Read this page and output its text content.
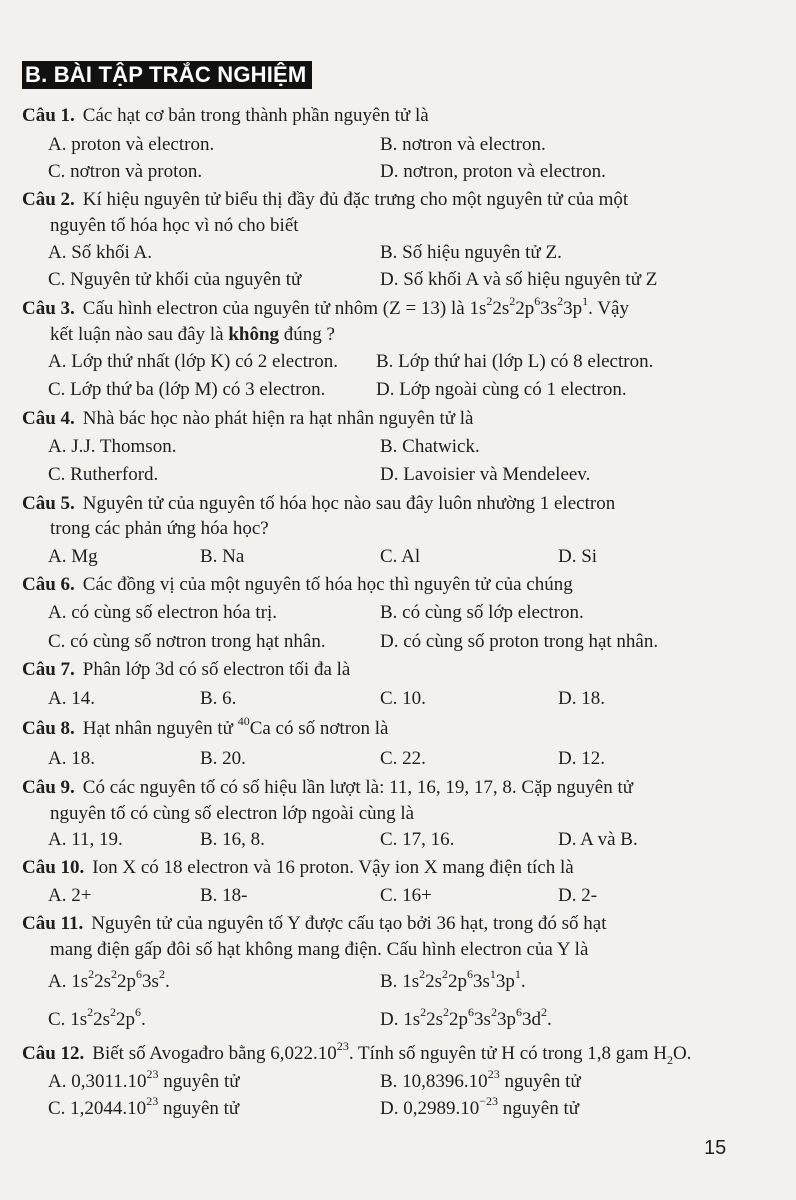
B. BÀI TẬP TRẮC NGHIỆM
Câu 1. Các hạt cơ bản trong thành phần nguyên tử là
A. proton và electron.	B. nơtron và electron.
C. nơtron và proton.	D. nơtron, proton và electron.
Câu 2. Kí hiệu nguyên tử biểu thị đầy đủ đặc trưng cho một nguyên tử của một
nguyên tố hóa học vì nó cho biết
A. Số khối A.	B. Số hiệu nguyên tử Z.
C. Nguyên tử khối của nguyên tử	D. Số khối A và số hiệu nguyên tử Z
Câu 3. Cấu hình electron của nguyên tử nhôm (Z = 13) là $1s^22s^22p^63s^23p^1$. Vậy
kết luận nào sau đây là không đúng ?
A. Lớp thứ nhất (lớp K) có 2 electron. B. Lớp thứ hai (lớp L) có 8 electron.
C. Lớp thứ ba (lớp M) có 3 electron.	D. Lớp ngoài cùng có 1 electron.
Câu 4. Nhà bác học nào phát hiện ra hạt nhân nguyên tử là
A. J.J. Thomson.	B. Chatwick.
C. Rutherford.	D. Lavoisier và Mendeleev.
Câu 5. Nguyên tử của nguyên tố hóa học nào sau đây luôn nhường 1 electron
trong các phản ứng hóa học?
A. Mg	B. Na	C. Al	D. Si
Câu 6. Các đồng vị của một nguyên tố hóa học thì nguyên tử của chúng
A. có cùng số electron hóa trị.	B. có cùng số lớp electron.
C. có cùng số nơtron trong hạt nhân.	D. có cùng số proton trong hạt nhân.
Câu 7. Phân lớp 3d có số electron tối đa là
A. 14.	B. 6.	C. 10.	D. 18.
Câu 8. Hạt nhân nguyên tử $^{40}$Ca có số nơtron là
A. 18.	B. 20.	C. 22.	D. 12.
Câu 9. Có các nguyên tố có số hiệu lần lượt là: 11, 16, 19, 17, 8. Cặp nguyên tử
nguyên tố có cùng số electron lớp ngoài cùng là
A. 11, 19.	B. 16, 8.	C. 17, 16.	D. A và B.
Câu 10. Ion X có 18 electron và 16 proton. Vậy ion X mang điện tích là
A. 2+	B. 18-	C. 16+	D. 2-
Câu 11. Nguyên tử của nguyên tố Y được cấu tạo bởi 36 hạt, trong đó số hạt
mang điện gấp đôi số hạt không mang điện. Cấu hình electron của Y là
A. $1s^22s^22p^63s^2$.	B. $1s^22s^22p^63s^13p^1$.
C. $1s^22s^22p^6$.	D. $1s^22s^22p^63s^23p^63d^2$.
Câu 12. Biết số Avogađro bằng 6,022.10$^{23}$. Tính số nguyên tử H có trong 1,8 gam $H_2O$.
A. 0,3011.10$^{23}$ nguyên tử	B. 10,8396.10$^{23}$ nguyên tử
C. 1,2044.10$^{23}$ nguyên tử	D. $0,2989.10^{-23}$ nguyên tử
15
